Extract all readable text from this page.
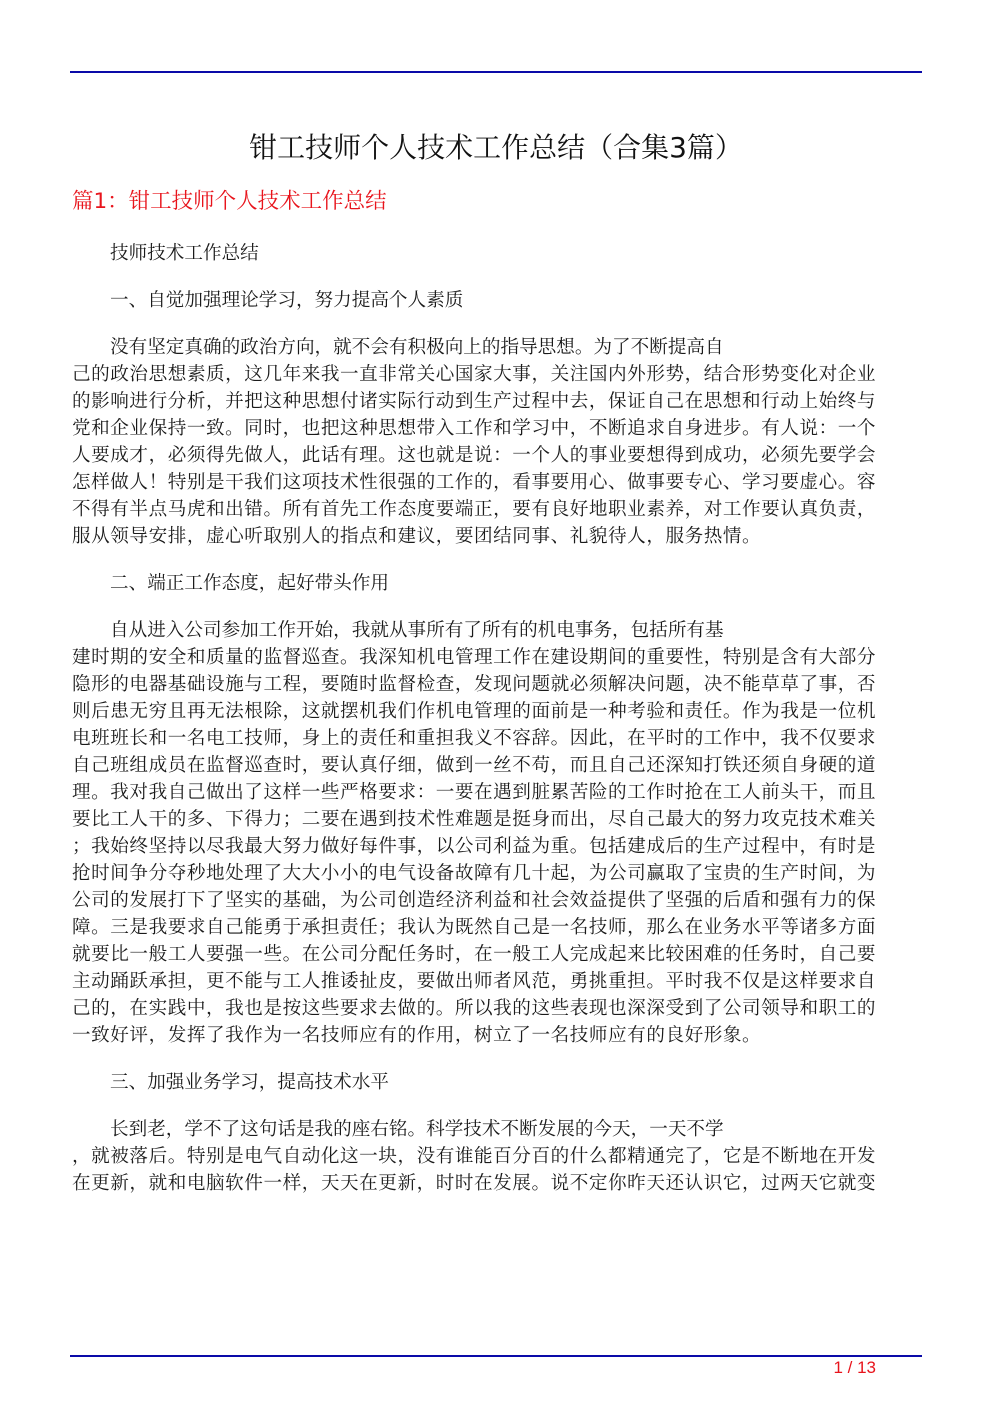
钳工技师个人技术工作总结（合集3篇）
篇1：钳工技师个人技术工作总结

技师技术工作总结

一、自觉加强理论学习，努力提高个人素质

没有坚定真确的政治方向，就不会有积极向上的指导思想。为了不断提高自

己的政治思想素质，这几年来我一直非常关心国家大事，关注国内外形势，结合形势变化对企业

的影响进行分析，并把这种思想付诸实际行动到生产过程中去，保证自己在思想和行动上始终与

党和企业保持一致。同时，也把这种思想带入工作和学习中，不断追求自身进步。有人说：一个

人要成才，必须得先做人，此话有理。这也就是说：一个人的事业要想得到成功，必须先要学会

怎样做人！特别是干我们这项技术性很强的工作的，看事要用心、做事要专心、学习要虚心。容

不得有半点马虎和出错。所有首先工作态度要端正，要有良好地职业素养，对工作要认真负责，

服从领导安排，虚心听取别人的指点和建议，要团结同事、礼貌待人，服务热情。

二、端正工作态度，起好带头作用

自从进入公司参加工作开始，我就从事所有了所有的机电事务，包括所有基

建时期的安全和质量的监督巡查。我深知机电管理工作在建设期间的重要性，特别是含有大部分

隐形的电器基础设施与工程，要随时监督检查，发现问题就必须解决问题，决不能草草了事，否

则后患无穷且再无法根除，这就摆机我们作机电管理的面前是一种考验和责任。作为我是一位机

电班班长和一名电工技师，身上的责任和重担我义不容辞。因此，在平时的工作中，我不仅要求

自己班组成员在监督巡查时，要认真仔细，做到一丝不苟，而且自己还深知打铁还须自身硬的道

理。我对我自己做出了这样一些严格要求：一要在遇到脏累苦险的工作时抢在工人前头干，而且

要比工人干的多、下得力；二要在遇到技术性难题是挺身而出，尽自己最大的努力攻克技术难关

；我始终坚持以尽我最大努力做好每件事，以公司利益为重。包括建成后的生产过程中，有时是

抢时间争分夺秒地处理了大大小小的电气设备故障有几十起，为公司赢取了宝贵的生产时间，为

公司的发展打下了坚实的基础，为公司创造经济利益和社会效益提供了坚强的后盾和强有力的保

障。三是我要求自己能勇于承担责任；我认为既然自己是一名技师，那么在业务水平等诸多方面

就要比一般工人要强一些。在公司分配任务时，在一般工人完成起来比较困难的任务时，自己要

主动踊跃承担，更不能与工人推诿扯皮，要做出师者风范，勇挑重担。平时我不仅是这样要求自

己的，在实践中，我也是按这些要求去做的。所以我的这些表现也深深受到了公司领导和职工的

一致好评，发挥了我作为一名技师应有的作用，树立了一名技师应有的良好形象。

三、加强业务学习，提高技术水平

长到老，学不了这句话是我的座右铭。科学技术不断发展的今天，一天不学

，就被落后。特别是电气自动化这一块，没有谁能百分百的什么都精通完了，它是不断地在开发

在更新，就和电脑软件一样，天天在更新，时时在发展。说不定你昨天还认识它，过两天它就变

1 / 13
